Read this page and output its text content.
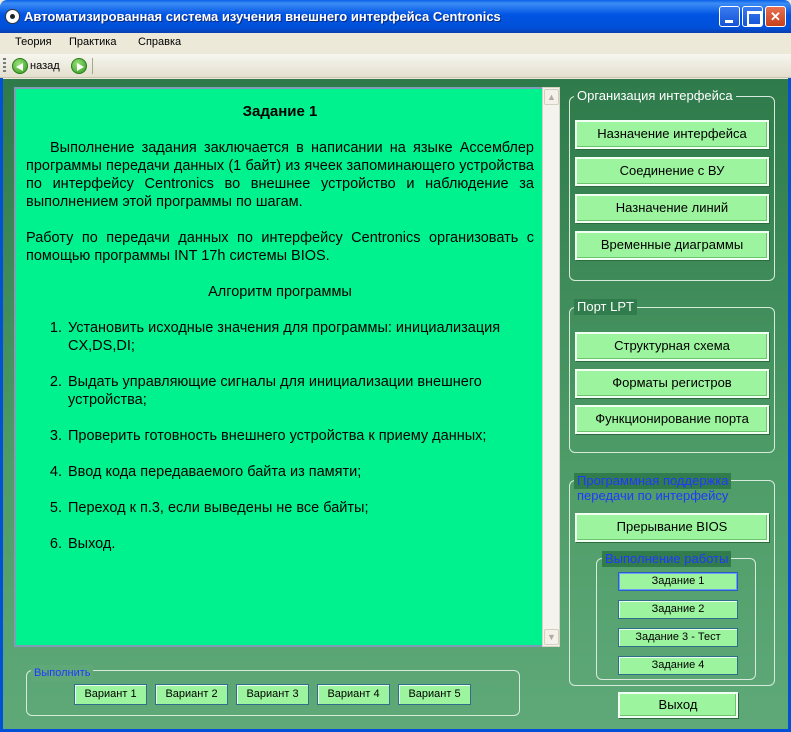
Автоматизированная система изучения внешнего интерфейса Centronics	✕
Теория Практика Справка
назад
Задание 1

Выполнение задания заключается в написании на языке Ассемблер программы передачи данных (1 байт) из ячеек запоминающего устройства по интерфейсу Centronics во внешнее устройство и наблюдение за выполнением этой программы по шагам.

Работу по передачи данных по интерфейсу Centronics организовать с помощью программы INT 17h системы BIOS.

Алгоритм программы
1. Установить исходные значения для программы: инициализация CX,DS,DI;
2. Выдать управляющие сигналы для инициализации внешнего устройства;
3. Проверить готовность внешнего устройства к приему данных;
4. Ввод кода передаваемого байта из памяти;
5. Переход к п.3, если выведены не все байты;
6. Выход.
▲
▼
Организация интерфейса
Назначение интерфейса
Соединение с ВУ
Назначение линий
Временные диаграммы
Порт LPT
Структурная схема
Форматы регистров
Функционирование порта
Программная поддержка
передачи по интерфейсу
Прерывание BIOS
Выполнение работы
Задание 1
Задание 2
Задание 3 - Тест
Задание 4
Выход
Выполнить
Вариант 1	Вариант 2	Вариант 3	Вариант 4	Вариант 5
